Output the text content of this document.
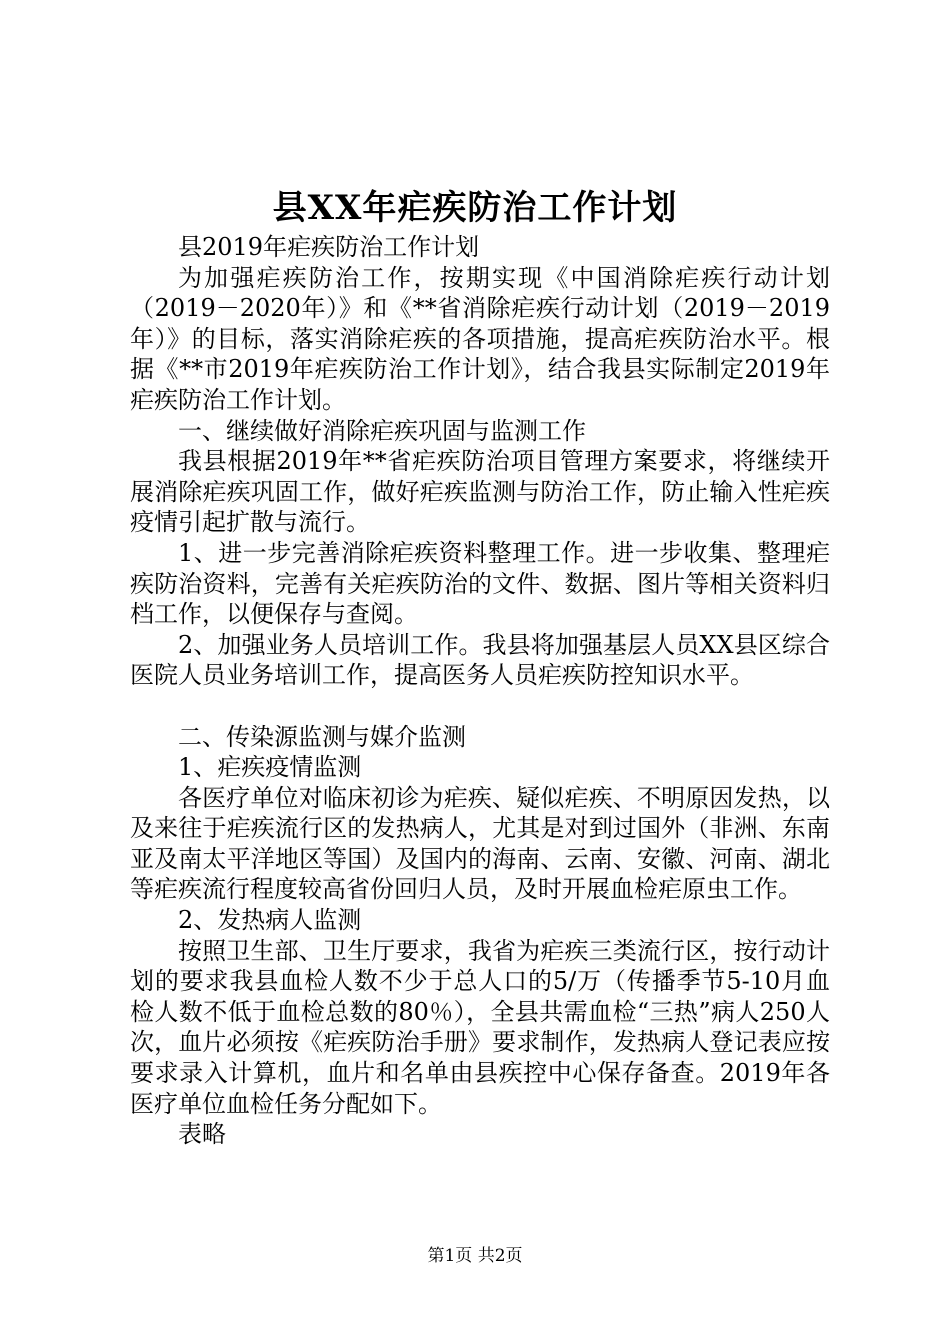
县XX年疟疾防治工作计划

县2019年疟疾防治工作计划

为加强疟疾防治工作，按期实现《中国消除疟疾行动计划（2019－2020年）》和《**省消除疟疾行动计划（2019－2019年）》的目标，落实消除疟疾的各项措施，提高疟疾防治水平。根据《**市2019年疟疾防治工作计划》，结合我县实际制定2019年疟疾防治工作计划。

一、继续做好消除疟疾巩固与监测工作

我县根据2019年**省疟疾防治项目管理方案要求，将继续开展消除疟疾巩固工作，做好疟疾监测与防治工作，防止输入性疟疾疫情引起扩散与流行。

1、进一步完善消除疟疾资料整理工作。进一步收集、整理疟疾防治资料，完善有关疟疾防治的文件、数据、图片等相关资料归档工作，以便保存与查阅。

2、加强业务人员培训工作。我县将加强基层人员XX县区综合医院人员业务培训工作，提高医务人员疟疾防控知识水平。

二、传染源监测与媒介监测

1、疟疾疫情监测

各医疗单位对临床初诊为疟疾、疑似疟疾、不明原因发热，以及来往于疟疾流行区的发热病人，尤其是对到过国外（非洲、东南亚及南太平洋地区等国）及国内的海南、云南、安徽、河南、湖北等疟疾流行程度较高省份回归人员，及时开展血检疟原虫工作。

2、发热病人监测

按照卫生部、卫生厅要求，我省为疟疾三类流行区，按行动计划的要求我县血检人数不少于总人口的5/万（传播季节5-10月血检人数不低于血检总数的80％），全县共需血检“三热”病人250人次，血片必须按《疟疾防治手册》要求制作，发热病人登记表应按要求录入计算机，血片和名单由县疾控中心保存备查。2019年各医疗单位血检任务分配如下。

表略

第1页 共2页
